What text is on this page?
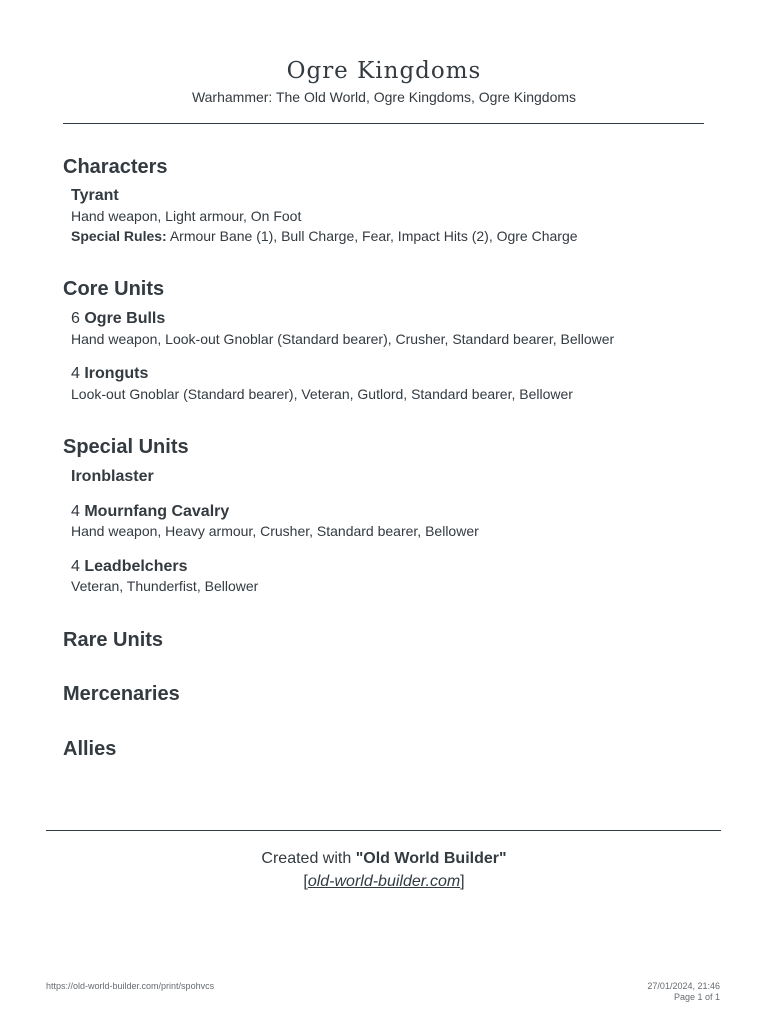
Ogre Kingdoms
Warhammer: The Old World, Ogre Kingdoms, Ogre Kingdoms
Characters
Tyrant
Hand weapon, Light armour, On Foot
Special Rules: Armour Bane (1), Bull Charge, Fear, Impact Hits (2), Ogre Charge
Core Units
6 Ogre Bulls
Hand weapon, Look-out Gnoblar (Standard bearer), Crusher, Standard bearer, Bellower
4 Ironguts
Look-out Gnoblar (Standard bearer), Veteran, Gutlord, Standard bearer, Bellower
Special Units
Ironblaster
4 Mournfang Cavalry
Hand weapon, Heavy armour, Crusher, Standard bearer, Bellower
4 Leadbelchers
Veteran, Thunderfist, Bellower
Rare Units
Mercenaries
Allies
Created with "Old World Builder"
[old-world-builder.com]
https://old-world-builder.com/print/spohvcs	27/01/2024, 21:46
Page 1 of 1
